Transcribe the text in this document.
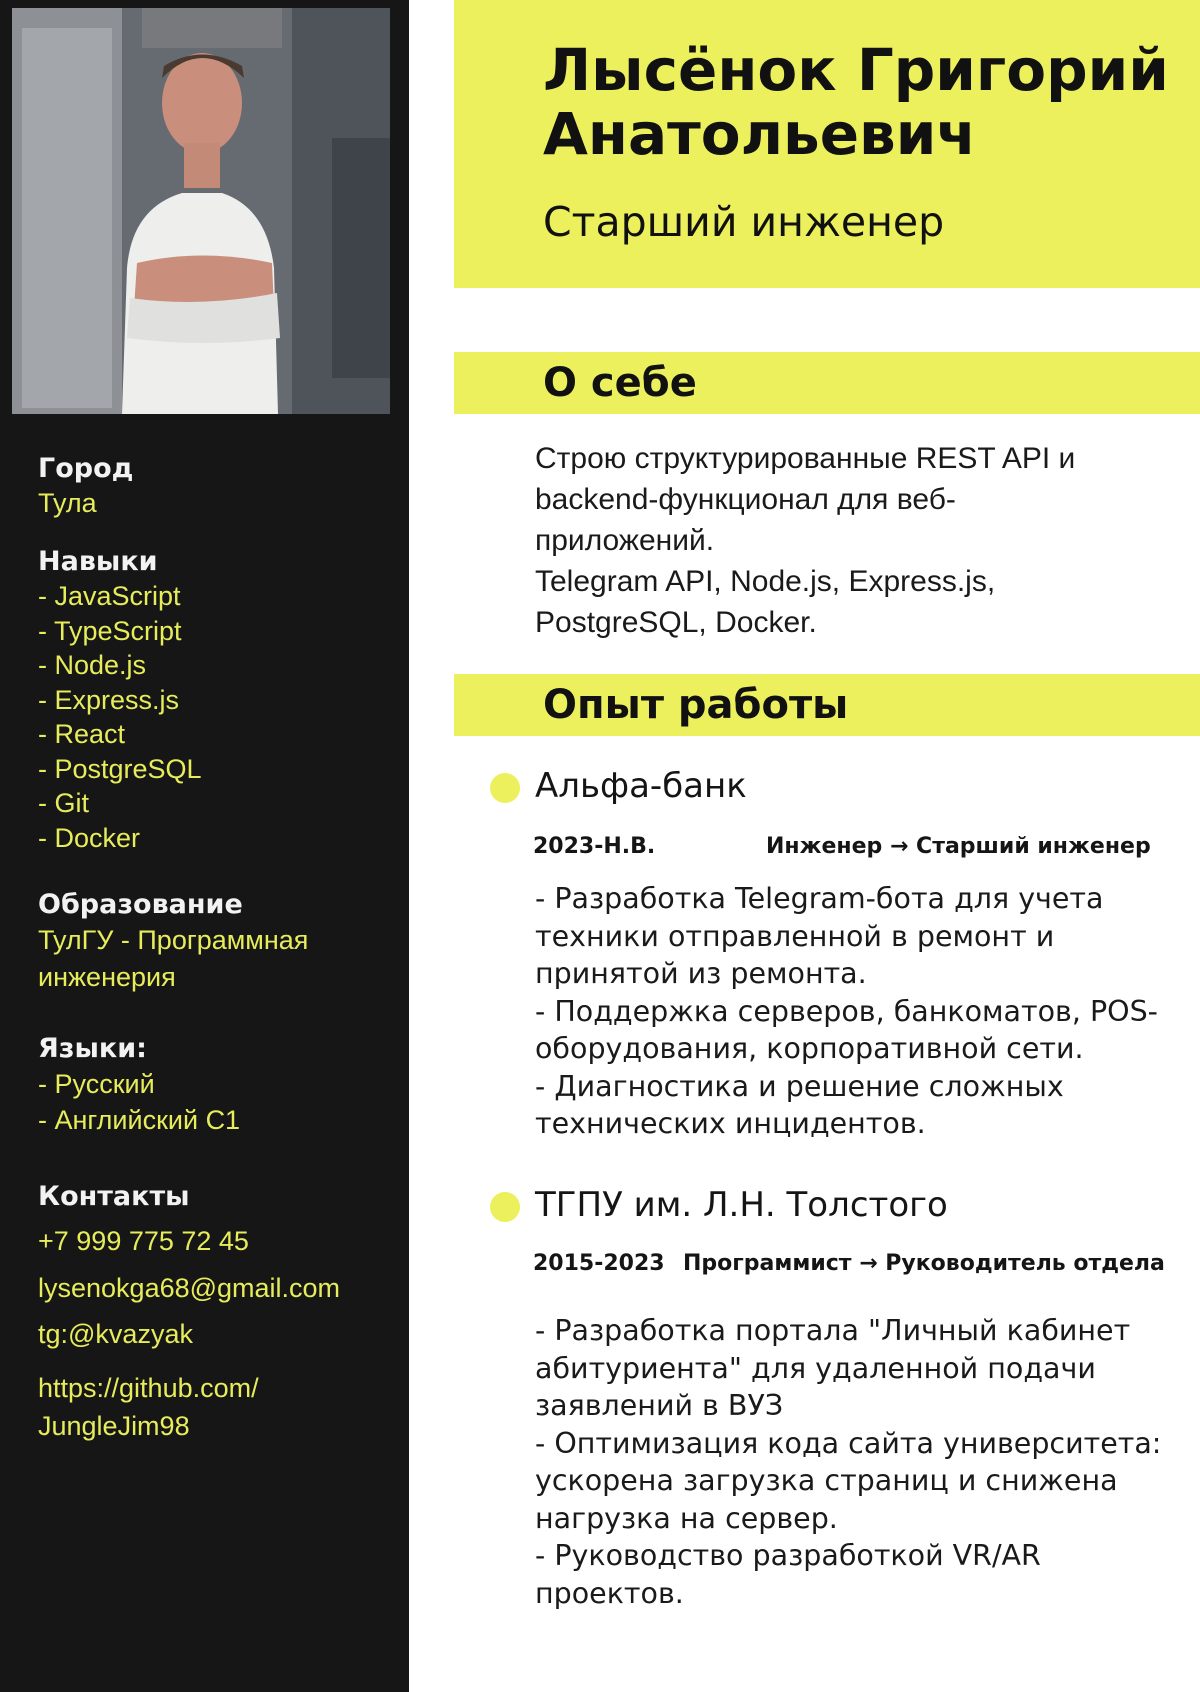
Город
Тула
Навыки
- JavaScript
- TypeScript
- Node.js
- Express.js
- React
- PostgreSQL
- Git
- Docker
Образование
ТулГУ - Программная
инженерия
Языки:
- Русский
- Английский С1
Контакты
+7 999 775 72 45
lysenokga68@gmail.com
tg:@kvazyak
https://github.com/
JungleJim98
Лысёнок Григорий
Анатольевич
Старший инженер
О себе
Строю структурированные REST API и
backend-функционал для веб-
приложений.
Telegram API, Node.js, Express.js,
PostgreSQL, Docker.
Опыт работы
Альфа-банк
2023-Н.В.	Инженер → Старший инженер
- Разработка Telegram-бота для учета
техники отправленной в ремонт и
принятой из ремонта.
- Поддержка серверов, банкоматов, POS-
оборудования, корпоративной сети.
- Диагностика и решение сложных
технических инцидентов.
ТГПУ им. Л.Н. Толстого
2015-2023 Программист → Руководитель отдела
- Разработка портала "Личный кабинет
абитуриента" для удаленной подачи
заявлений в ВУЗ
- Оптимизация кода сайта университета:
ускорена загрузка страниц и снижена
нагрузка на сервер.
- Руководство разработкой VR/AR проектов.
